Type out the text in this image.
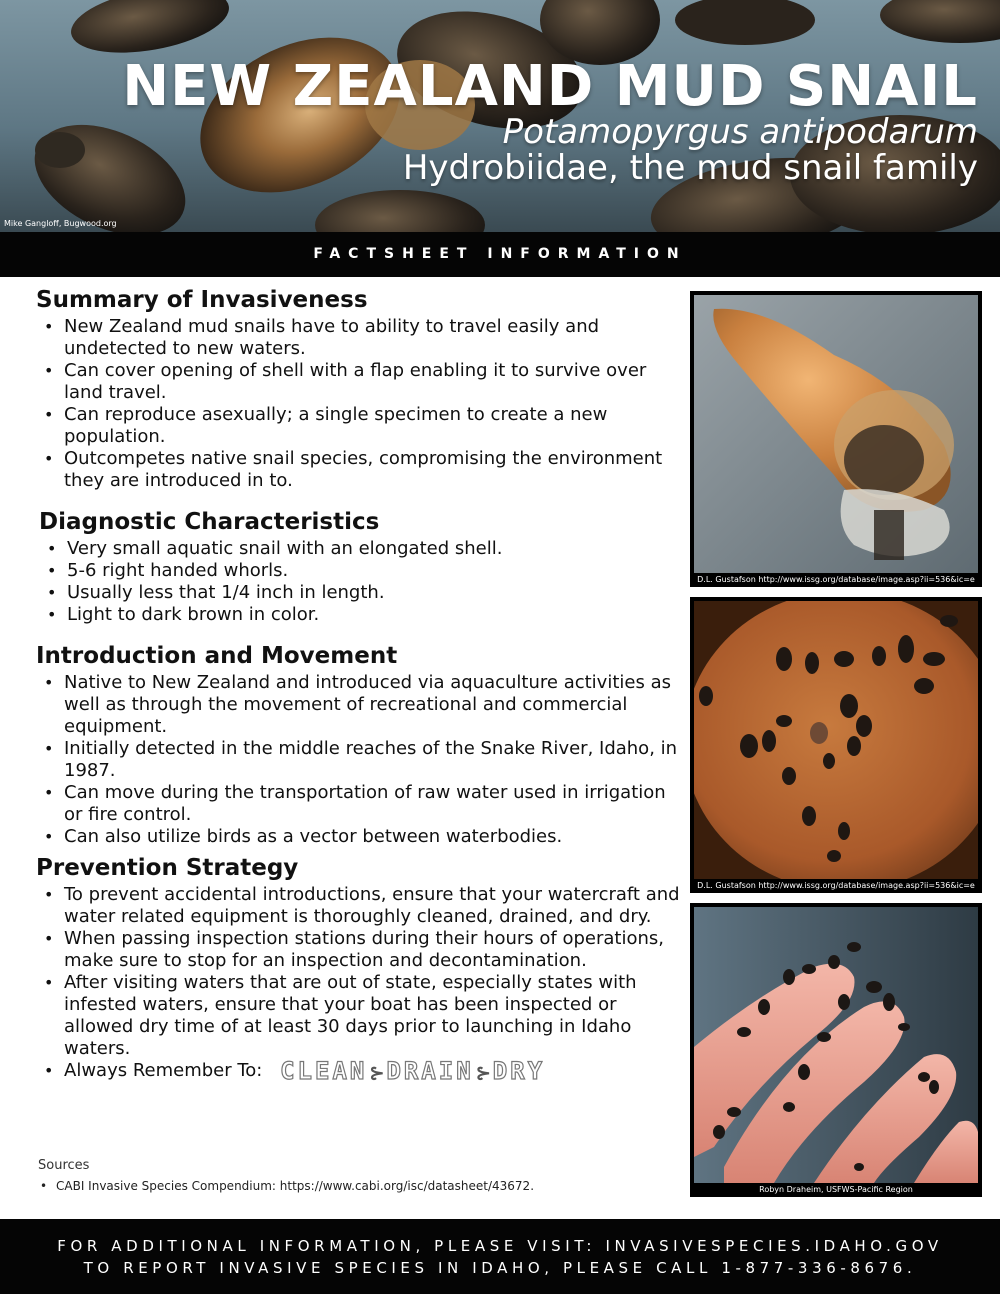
NEW ZEALAND MUD SNAIL
Potamopyrgus antipodarum
Hydrobiidae, the mud snail family
Mike Gangloff, Bugwood.org
FACTSHEET INFORMATION
Summary of Invasiveness
• New Zealand mud snails have to ability to travel easily and undetected to new waters.
• Can cover opening of shell with a flap enabling it to survive over land travel.
• Can reproduce asexually; a single specimen to create a new population.
• Outcompetes native snail species, compromising the environment they are introduced in to.
Diagnostic Characteristics
• Very small aquatic snail with an elongated shell.
• 5-6 right handed whorls.
• Usually less that 1/4 inch in length.
• Light to dark brown in color.
Introduction and Movement
• Native to New Zealand and introduced via aquaculture activities as well as through the movement of recreational and commercial equipment.
• Initially detected in the middle reaches of the Snake River, Idaho, in 1987.
• Can move during the transportation of raw water used in irrigation or fire control.
• Can also utilize birds as a vector between waterbodies.
Prevention Strategy
• To prevent accidental introductions, ensure that your watercraft and water related equipment is thoroughly cleaned, drained, and dry.
• When passing inspection stations during their hours of operations, make sure to stop for an inspection and decontamination.
• After visiting waters that are out of state, especially states with infested waters, ensure that your boat has been inspected or allowed dry time of at least 30 days prior to launching in Idaho waters.
• Always Remember To: CLEAN ⊱DRAIN ⊱DRY
Sources
• CABI Invasive Species Compendium: https://www.cabi.org/isc/datasheet/43672.
D.L. Gustafson http://www.issg.org/database/image.asp?ii=536&ic=e
D.L. Gustafson http://www.issg.org/database/image.asp?ii=536&ic=e
Robyn Draheim, USFWS-Pacific Region
FOR ADDITIONAL INFORMATION, PLEASE VISIT: INVASIVESPECIES.IDAHO.GOV
TO REPORT INVASIVE SPECIES IN IDAHO, PLEASE CALL 1-877-336-8676.
